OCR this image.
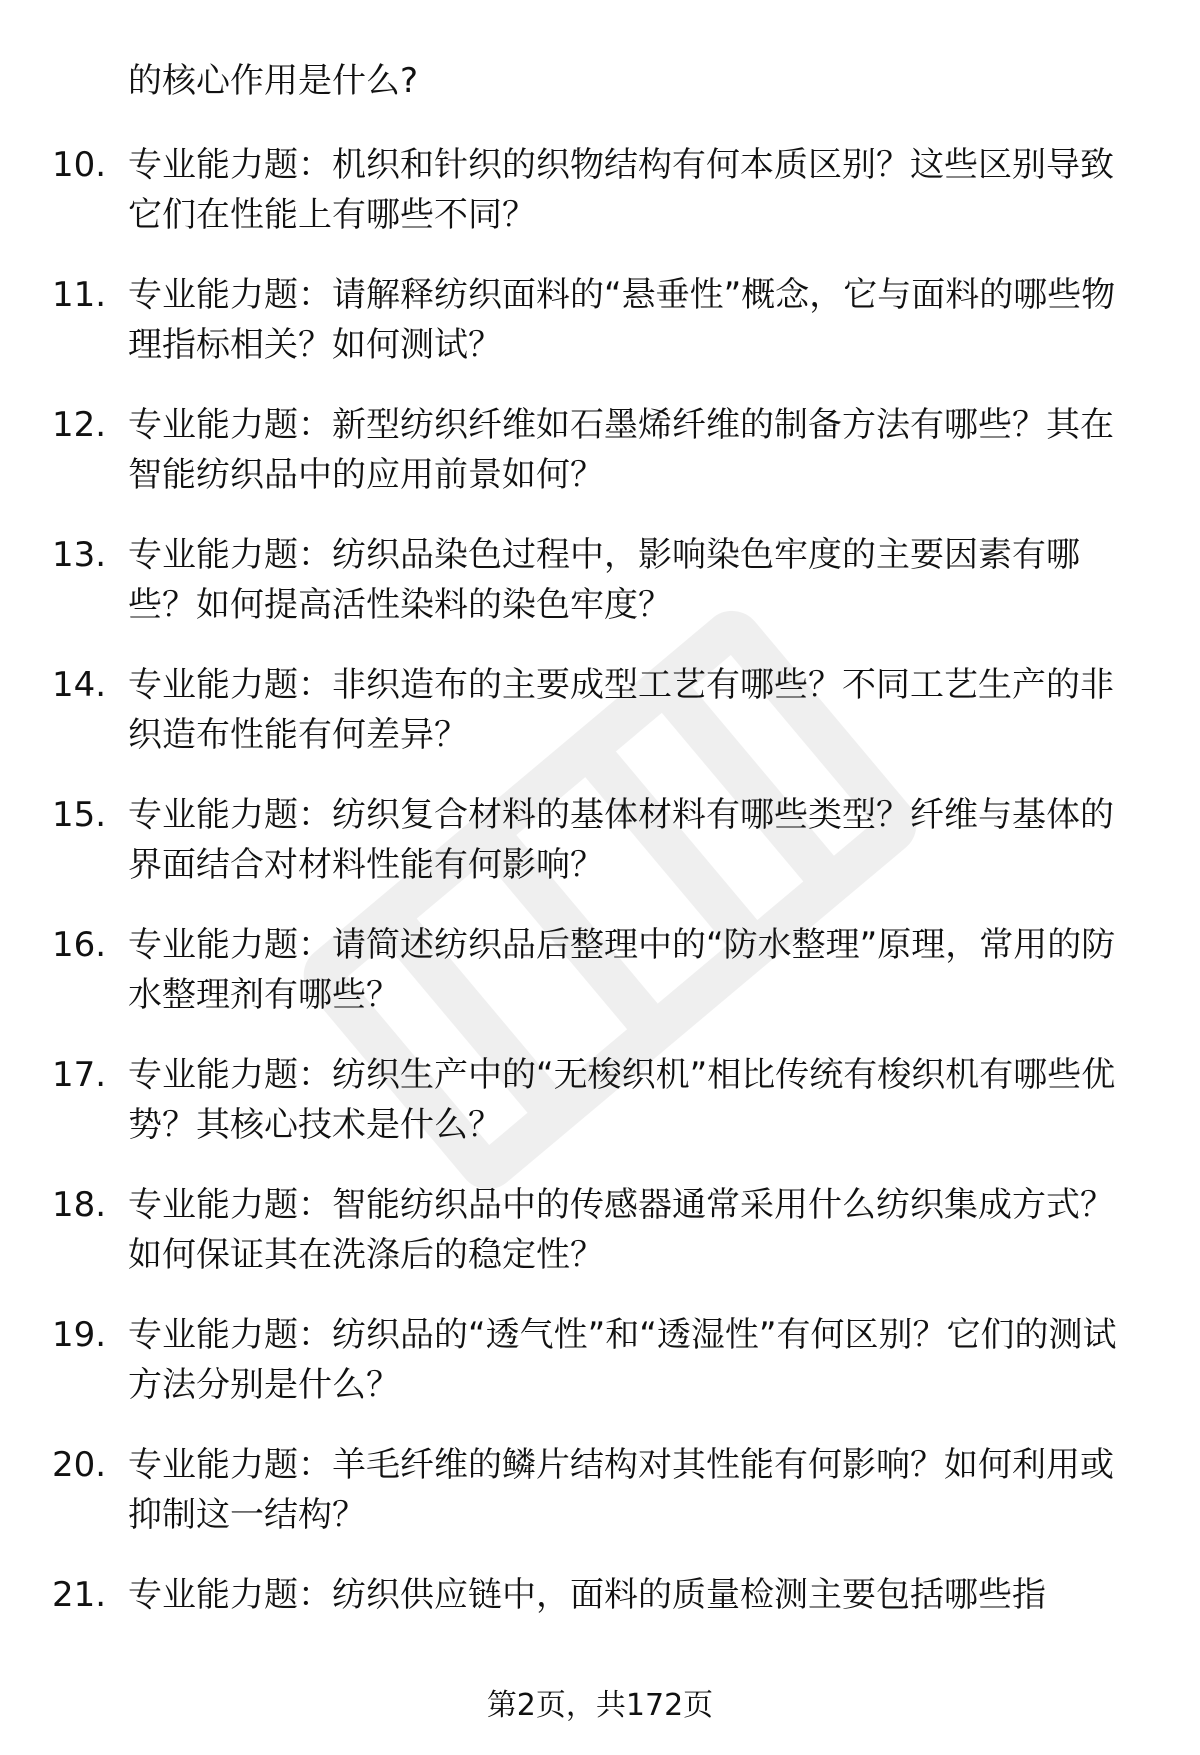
的核心作用是什么?
10. 专业能力题：机织和针织的织物结构有何本质区别？这些区别导致它们在性能上有哪些不同？
11. 专业能力题：请解释纺织面料的“悬垂性”概念，它与面料的哪些物理指标相关？如何测试？
12. 专业能力题：新型纺织纤维如石墨烯纤维的制备方法有哪些？其在智能纺织品中的应用前景如何？
13. 专业能力题：纺织品染色过程中，影响染色牢度的主要因素有哪些？如何提高活性染料的染色牢度？
14. 专业能力题：非织造布的主要成型工艺有哪些？不同工艺生产的非织造布性能有何差异？
15. 专业能力题：纺织复合材料的基体材料有哪些类型？纤维与基体的界面结合对材料性能有何影响？
16. 专业能力题：请简述纺织品后整理中的“防水整理”原理，常用的防水整理剂有哪些？
17. 专业能力题：纺织生产中的“无梭织机”相比传统有梭织机有哪些优势？其核心技术是什么？
18. 专业能力题：智能纺织品中的传感器通常采用什么纺织集成方式？如何保证其在洗涤后的稳定性？
19. 专业能力题：纺织品的“透气性”和“透湿性”有何区别？它们的测试方法分别是什么？
20. 专业能力题：羊毛纤维的鳞片结构对其性能有何影响？如何利用或抑制这一结构？
21. 专业能力题：纺织供应链中，面料的质量检测主要包括哪些指
第2页，共172页
